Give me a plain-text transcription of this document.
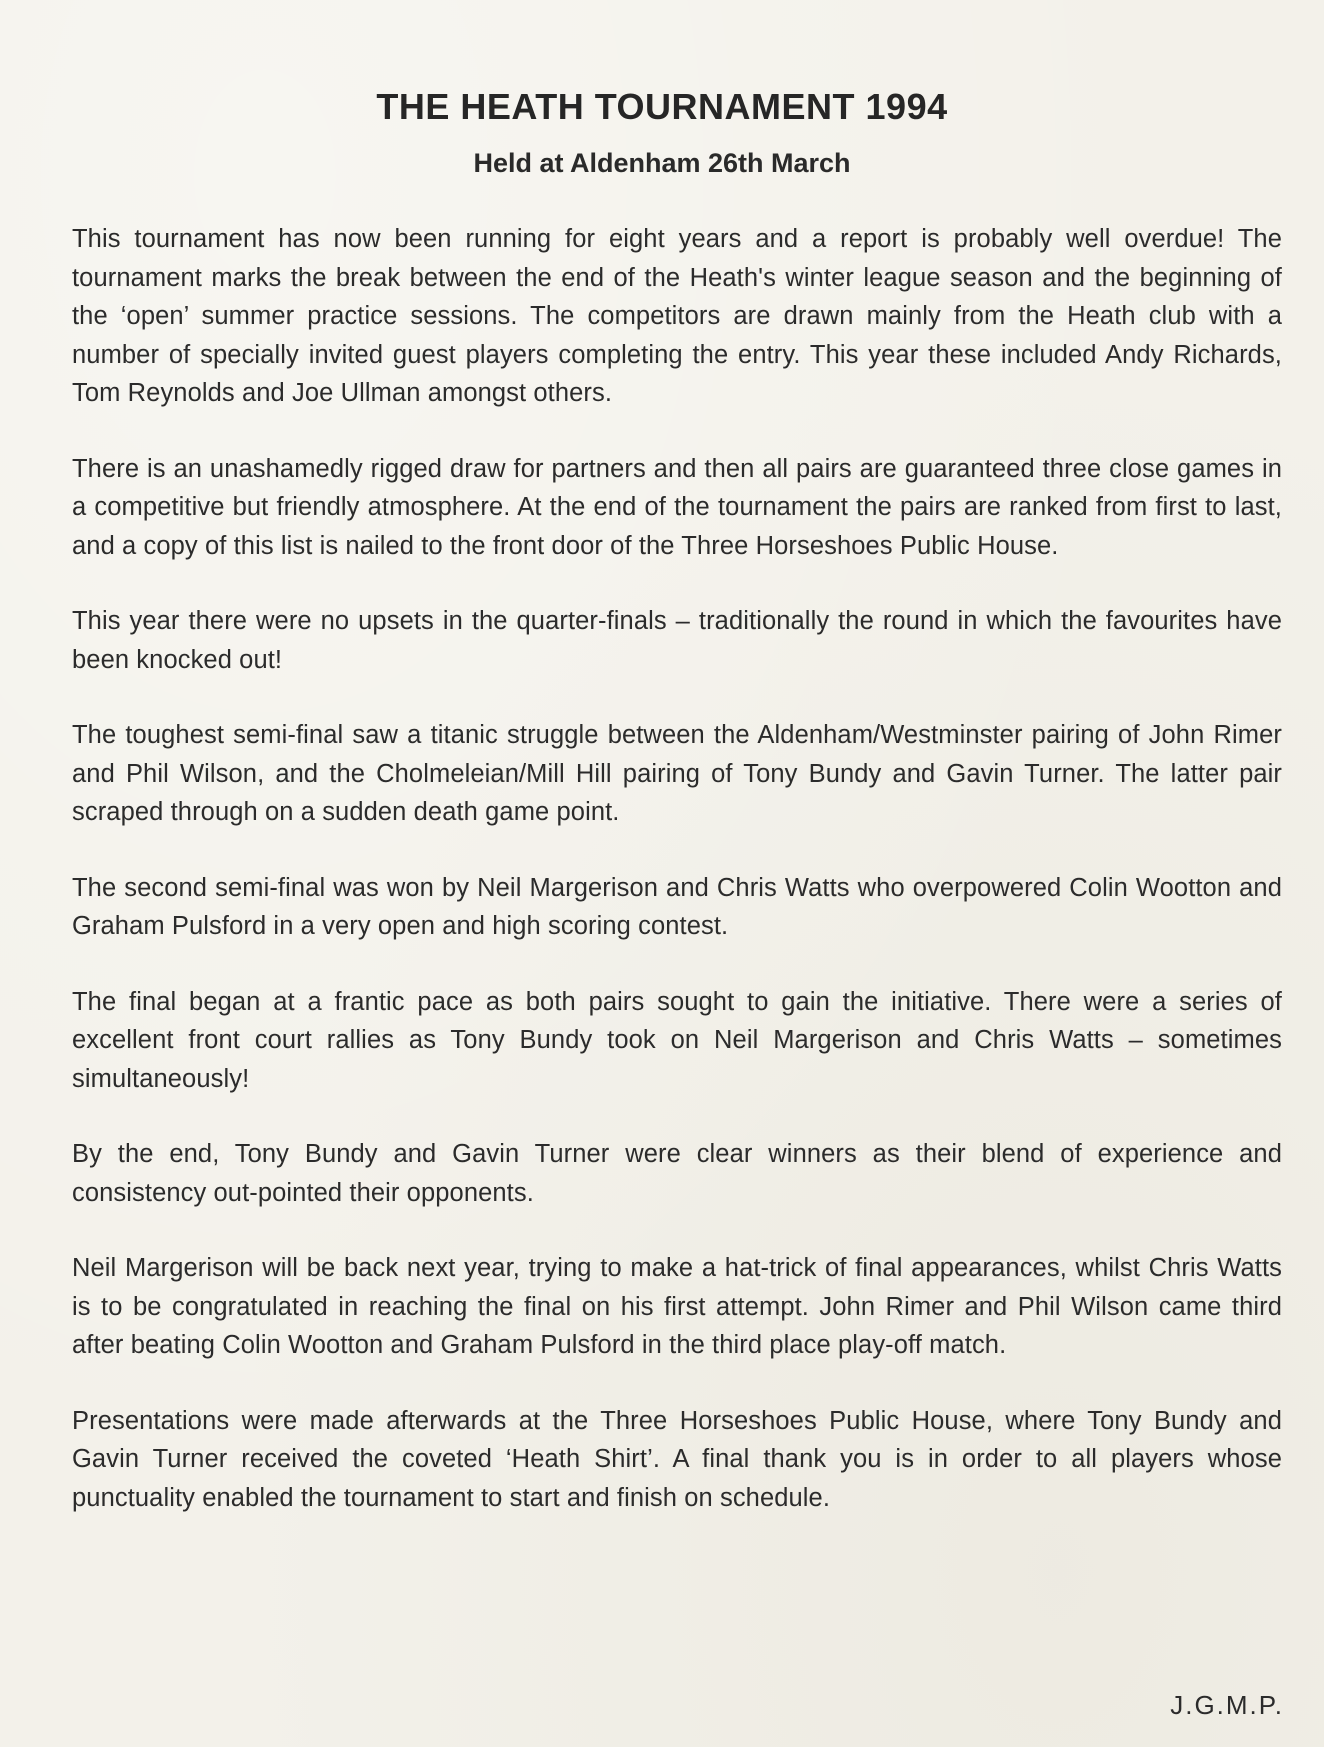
THE HEATH TOURNAMENT 1994
Held at Aldenham 26th March

This tournament has now been running for eight years and a report is probably well overdue! The tournament marks the break between the end of the Heath's winter league season and the beginning of the ‘open’ summer practice sessions. The competitors are drawn mainly from the Heath club with a number of specially invited guest players completing the entry. This year these included Andy Richards, Tom Reynolds and Joe Ullman amongst others.

There is an unashamedly rigged draw for partners and then all pairs are guaranteed three close games in a competitive but friendly atmosphere. At the end of the tournament the pairs are ranked from first to last, and a copy of this list is nailed to the front door of the Three Horseshoes Public House.

This year there were no upsets in the quarter-finals – traditionally the round in which the favourites have been knocked out!

The toughest semi-final saw a titanic struggle between the Aldenham/Westminster pairing of John Rimer and Phil Wilson, and the Cholmeleian/Mill Hill pairing of Tony Bundy and Gavin Turner. The latter pair scraped through on a sudden death game point.

The second semi-final was won by Neil Margerison and Chris Watts who overpowered Colin Wootton and Graham Pulsford in a very open and high scoring contest.

The final began at a frantic pace as both pairs sought to gain the initiative. There were a series of excellent front court rallies as Tony Bundy took on Neil Margerison and Chris Watts – sometimes simultaneously!

By the end, Tony Bundy and Gavin Turner were clear winners as their blend of experience and consistency out-pointed their opponents.

Neil Margerison will be back next year, trying to make a hat-trick of final appearances, whilst Chris Watts is to be congratulated in reaching the final on his first attempt. John Rimer and Phil Wilson came third after beating Colin Wootton and Graham Pulsford in the third place play-off match.

Presentations were made afterwards at the Three Horseshoes Public House, where Tony Bundy and Gavin Turner received the coveted ‘Heath Shirt’. A final thank you is in order to all players whose punctuality enabled the tournament to start and finish on schedule.

J.G.M.P.
